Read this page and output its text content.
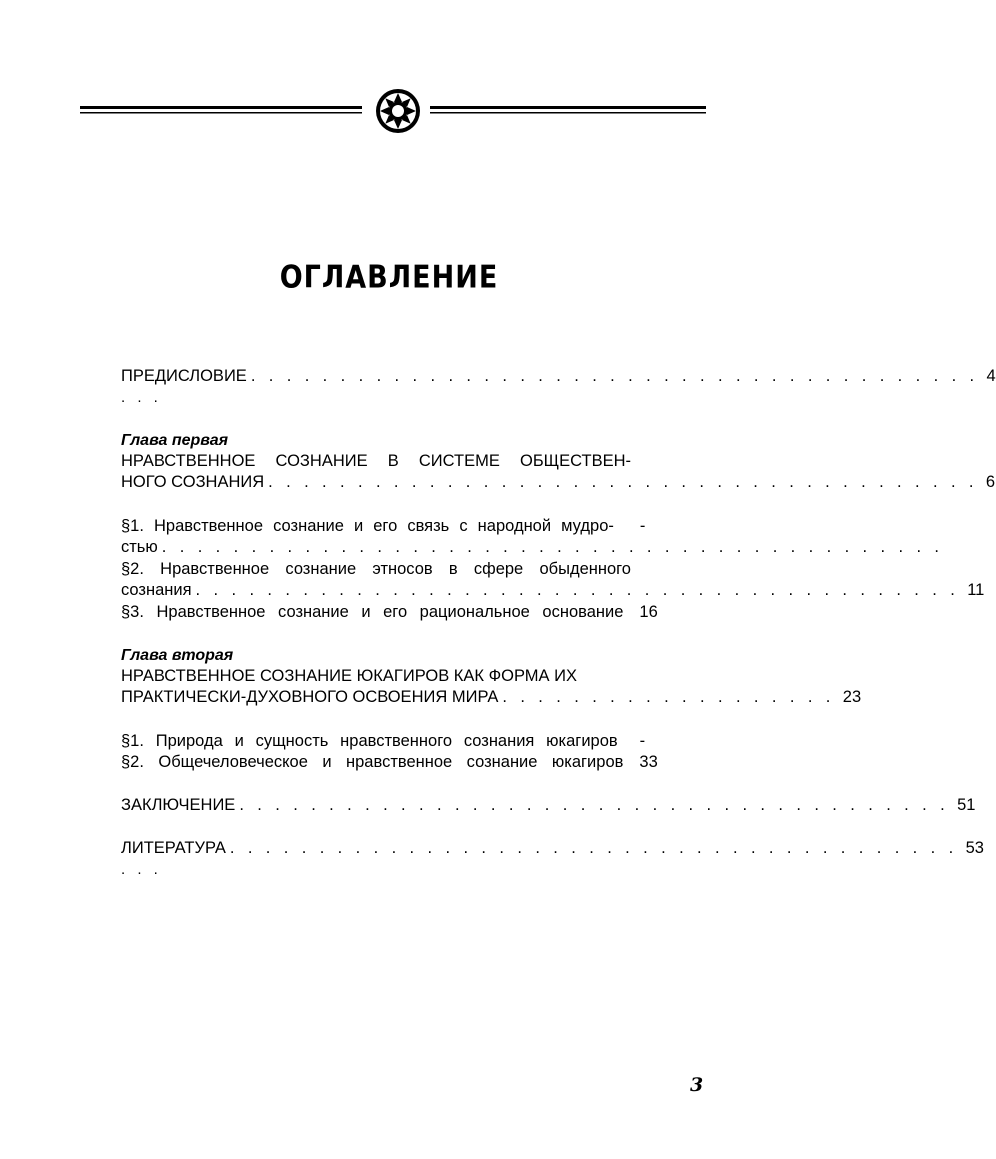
ОГЛАВЛЕНИЕ
ПРЕДИСЛОВИЕ . . . . . . . . . . . . . . . . . . . . . . . . . . . . . . . . . . . . . . . . . 4
. . .
Глава первая
НРАВСТВЕННОЕ СОЗНАНИЕ В СИСТЕМЕ ОБЩЕСТВЕН-
НОГО СОЗНАНИЯ . . . . . . . . . . . . . . . . . . . . . . . . . . . . . . . . . . . . . . . . 6
§1. Нравственное сознание и его связь с народной мудро-	-
стью . . . . . . . . . . . . . . . . . . . . . . . . . . . . . . . . . . . . . . . . . . . .
§2. Нравственное сознание этносов в сфере обыденного
сознания . . . . . . . . . . . . . . . . . . . . . . . . . . . . . . . . . . . . . . . . . . . 11
§3. Нравственное сознание и его рациональное основание 16
Глава вторая
НРАВСТВЕННОЕ СОЗНАНИЕ ЮКАГИРОВ КАК ФОРМА ИХ
ПРАКТИЧЕСКИ-ДУХОВНОГО ОСВОЕНИЯ МИРА . . . . . . . . . . . . . . . . . . . 23
§1. Природа и сущность нравственного сознания юкагиров	-
§2. Общечеловеческое и нравственное сознание юкагиров 33
ЗАКЛЮЧЕНИЕ . . . . . . . . . . . . . . . . . . . . . . . . . . . . . . . . . . . . . . . . 51
ЛИТЕРАТУРА . . . . . . . . . . . . . . . . . . . . . . . . . . . . . . . . . . . . . . . . . 53
. . .
3
